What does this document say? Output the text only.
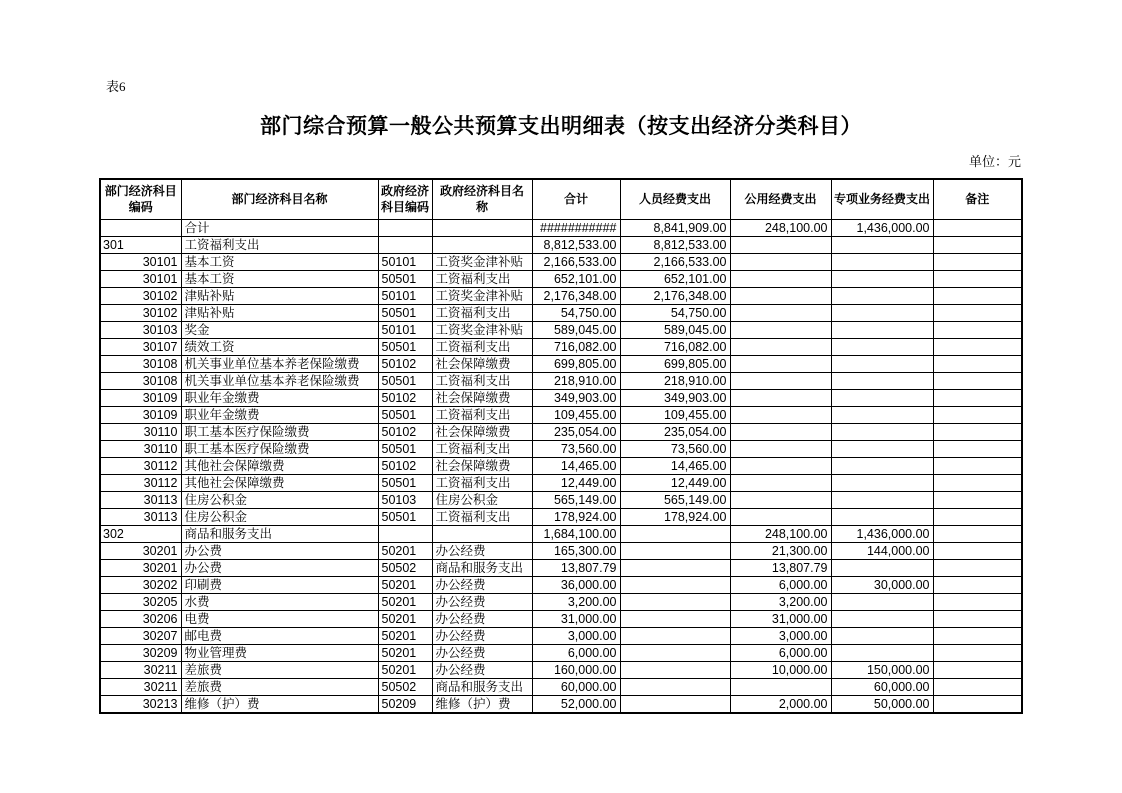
表6
部门综合预算一般公共预算支出明细表（按支出经济分类科目）
单位：元
部门经济科目编码	部门经济科目名称	政府经济科目编码	政府经济科目名称	合计	人员经费支出	公用经费支出	专项业务经费支出	备注
	合计			###########	8,841,909.00	248,100.00	1,436,000.00	
301	工资福利支出			8,812,533.00	8,812,533.00			
30101	基本工资	50101	工资奖金津补贴	2,166,533.00	2,166,533.00			
30101	基本工资	50501	工资福利支出	652,101.00	652,101.00			
30102	津贴补贴	50101	工资奖金津补贴	2,176,348.00	2,176,348.00			
30102	津贴补贴	50501	工资福利支出	54,750.00	54,750.00			
30103	奖金	50101	工资奖金津补贴	589,045.00	589,045.00			
30107	绩效工资	50501	工资福利支出	716,082.00	716,082.00			
30108	机关事业单位基本养老保险缴费	50102	社会保障缴费	699,805.00	699,805.00			
30108	机关事业单位基本养老保险缴费	50501	工资福利支出	218,910.00	218,910.00			
30109	职业年金缴费	50102	社会保障缴费	349,903.00	349,903.00			
30109	职业年金缴费	50501	工资福利支出	109,455.00	109,455.00			
30110	职工基本医疗保险缴费	50102	社会保障缴费	235,054.00	235,054.00			
30110	职工基本医疗保险缴费	50501	工资福利支出	73,560.00	73,560.00			
30112	其他社会保障缴费	50102	社会保障缴费	14,465.00	14,465.00			
30112	其他社会保障缴费	50501	工资福利支出	12,449.00	12,449.00			
30113	住房公积金	50103	住房公积金	565,149.00	565,149.00			
30113	住房公积金	50501	工资福利支出	178,924.00	178,924.00			
302	商品和服务支出			1,684,100.00		248,100.00	1,436,000.00	
30201	办公费	50201	办公经费	165,300.00		21,300.00	144,000.00	
30201	办公费	50502	商品和服务支出	13,807.79		13,807.79		
30202	印刷费	50201	办公经费	36,000.00		6,000.00	30,000.00	
30205	水费	50201	办公经费	3,200.00		3,200.00		
30206	电费	50201	办公经费	31,000.00		31,000.00		
30207	邮电费	50201	办公经费	3,000.00		3,000.00		
30209	物业管理费	50201	办公经费	6,000.00		6,000.00		
30211	差旅费	50201	办公经费	160,000.00		10,000.00	150,000.00	
30211	差旅费	50502	商品和服务支出	60,000.00			60,000.00	
30213	维修（护）费	50209	维修（护）费	52,000.00		2,000.00	50,000.00	
